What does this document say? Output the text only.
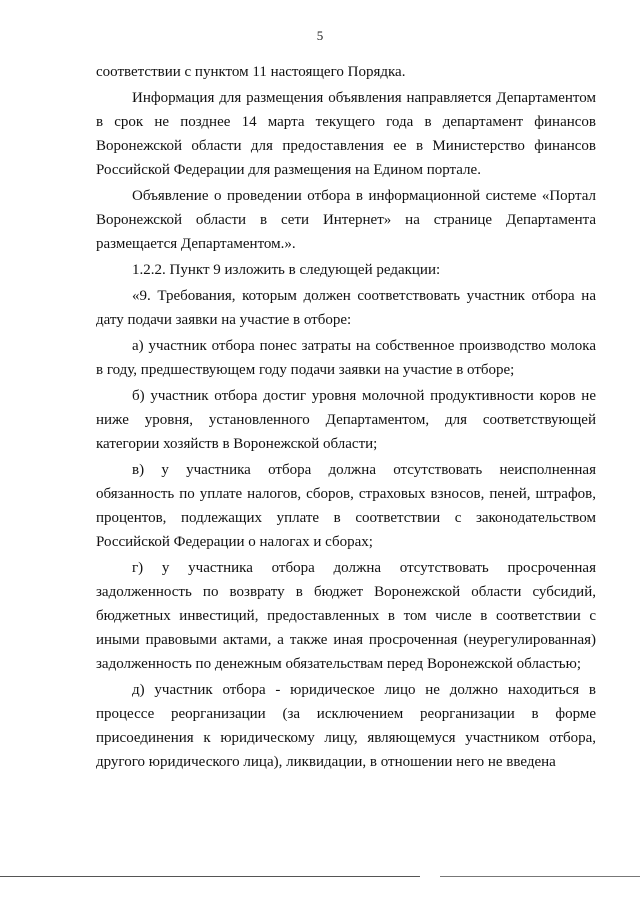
5

соответствии с пунктом 11 настоящего Порядка.

Информация для размещения объявления направляется Департаментом в срок не позднее 14 марта текущего года в департамент финансов Воронежской области для предоставления ее в Министерство финансов Российской Федерации для размещения на Едином портале.

Объявление о проведении отбора в информационной системе «Портал Воронежской области в сети Интернет» на странице Департамента размещается Департаментом.».

1.2.2. Пункт 9 изложить в следующей редакции:

«9. Требования, которым должен соответствовать участник отбора на дату подачи заявки на участие в отборе:

а) участник отбора понес затраты на собственное производство молока в году, предшествующем году подачи заявки на участие в отборе;

б) участник отбора достиг уровня молочной продуктивности коров не ниже уровня, установленного Департаментом, для соответствующей категории хозяйств в Воронежской области;

в) у участника отбора должна отсутствовать неисполненная обязанность по уплате налогов, сборов, страховых взносов, пеней, штрафов, процентов, подлежащих уплате в соответствии с законодательством Российской Федерации о налогах и сборах;

г) у участника отбора должна отсутствовать просроченная задолженность по возврату в бюджет Воронежской области субсидий, бюджетных инвестиций, предоставленных в том числе в соответствии с иными правовыми актами, а также иная просроченная (неурегулированная) задолженность по денежным обязательствам перед Воронежской областью;

д) участник отбора - юридическое лицо не должно находиться в процессе реорганизации (за исключением реорганизации в форме присоединения к юридическому лицу, являющемуся участником отбора, другого юридического лица), ликвидации, в отношении него не введена
